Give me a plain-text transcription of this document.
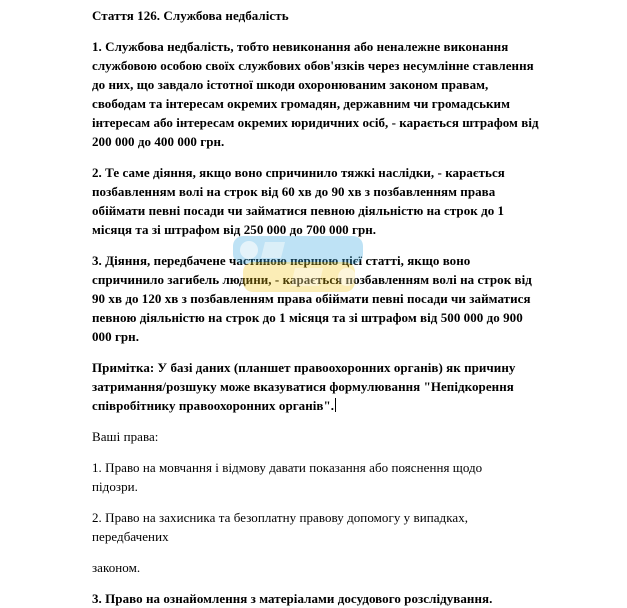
Стаття 126. Службова недбалість
1. Службова недбалість, тобто невиконання або неналежне виконання
службовою особою своїх службових обов'язків через несумлінне ставлення
до них, що завдало істотної шкоди охоронюваним законом правам,
свободам та інтересам окремих громадян, державним чи громадським
інтересам або інтересам окремих юридичних осіб, - карається штрафом від
200 000 до 400 000 грн.
2. Те саме діяння, якщо воно спричинило тяжкі наслідки, - карається
позбавленням волі на строк від 60 хв до 90 хв з позбавленням права
обіймати певні посади чи займатися певною діяльністю на строк до 1
місяця та зі штрафом від 250 000 до 700 000 грн.
3. Діяння, передбачене частиною першою цієї статті, якщо воно
спричинило загибель людини, - карається позбавленням волі на строк від
90 хв до 120 хв з позбавленням права обіймати певні посади чи займатися
певною діяльністю на строк до 1 місяця та зі штрафом від 500 000 до 900
000 грн.
Примітка: У базі даних (планшет правоохоронних органів) як причину
затримання/розшуку може вказуватися формулювання "Непідкорення
співробітнику правоохоронних органів".
Ваші права:
1. Право на мовчання і відмову давати показання або пояснення щодо
підозри.
2. Право на захисника та безоплатну правову допомогу у випадках,
передбачених
законом.
3. Право на ознайомлення з матеріалами досудового розслідування.
